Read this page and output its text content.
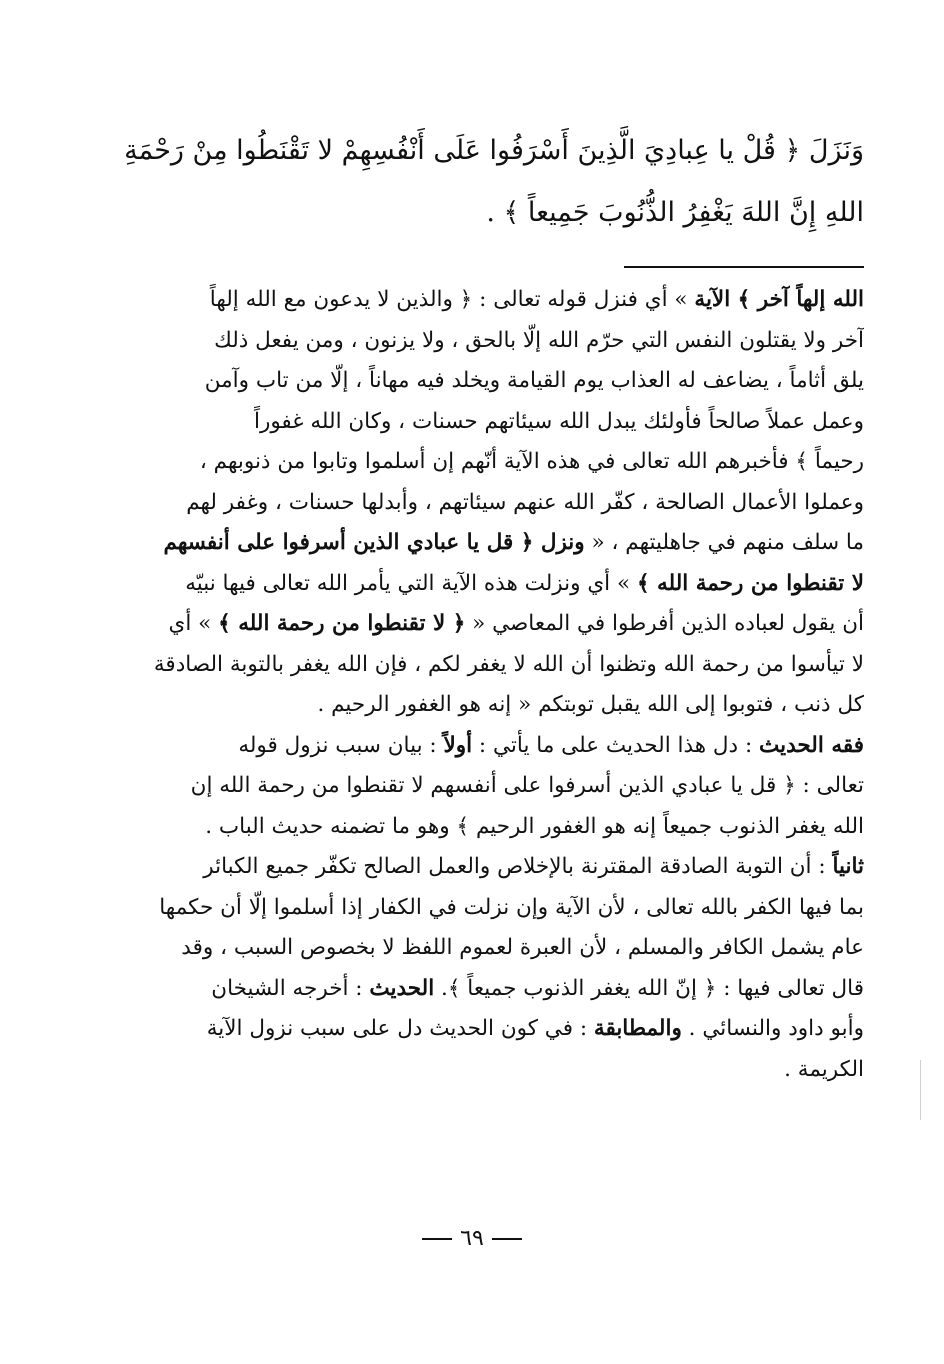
وَنَزَلَ ﴿ قُلْ يا عِبادِيَ الَّذِينَ أَسْرَفُوا عَلَى أَنْفُسِهِمْ لا تَقْنَطُوا مِنْ رَحْمَةِ
اللهِ إِنَّ اللهَ يَغْفِرُ الذُّنُوبَ جَمِيعاً ﴾ .
الله إلهاً آخر ﴾ الآية » أي فنزل قوله تعالى : ﴿ والذين لا يدعون مع الله إلهاً
آخر ولا يقتلون النفس التي حرّم الله إلّا بالحق ، ولا يزنون ، ومن يفعل ذلك
يلق أثاماً ، يضاعف له العذاب يوم القيامة ويخلد فيه مهاناً ، إلّا من تاب وآمن
وعمل عملاً صالحاً فأولئك يبدل الله سيئاتهم حسنات ، وكان الله غفوراً
رحيماً ﴾ فأخبرهم الله تعالى في هذه الآية أنّهم إن أسلموا وتابوا من ذنوبهم ،
وعملوا الأعمال الصالحة ، كفّر الله عنهم سيئاتهم ، وأبدلها حسنات ، وغفر لهم
ما سلف منهم في جاهليتهم ، « ونزل ﴿ قل يا عبادي الذين أسرفوا على أنفسهم
لا تقنطوا من رحمة الله ﴾ » أي ونزلت هذه الآية التي يأمر الله تعالى فيها نبيّه
أن يقول لعباده الذين أفرطوا في المعاصي « ﴿ لا تقنطوا من رحمة الله ﴾ » أي
لا تيأسوا من رحمة الله وتظنوا أن الله لا يغفر لكم ، فإن الله يغفر بالتوبة الصادقة
كل ذنب ، فتوبوا إلى الله يقبل توبتكم « إنه هو الغفور الرحيم .
فقه الحديث : دل هذا الحديث على ما يأتي : أولاً : بيان سبب نزول قوله
تعالى : ﴿ قل يا عبادي الذين أسرفوا على أنفسهم لا تقنطوا من رحمة الله إن
الله يغفر الذنوب جميعاً إنه هو الغفور الرحيم ﴾ وهو ما تضمنه حديث الباب .
ثانياً : أن التوبة الصادقة المقترنة بالإخلاص والعمل الصالح تكفّر جميع الكبائر
بما فيها الكفر بالله تعالى ، لأن الآية وإن نزلت في الكفار إذا أسلموا إلّا أن حكمها
عام يشمل الكافر والمسلم ، لأن العبرة لعموم اللفظ لا بخصوص السبب ، وقد
قال تعالى فيها : ﴿ إنّ الله يغفر الذنوب جميعاً ﴾. الحديث : أخرجه الشيخان
وأبو داود والنسائي . والمطابقة : في كون الحديث دل على سبب نزول الآية
الكريمة .
٦٩
